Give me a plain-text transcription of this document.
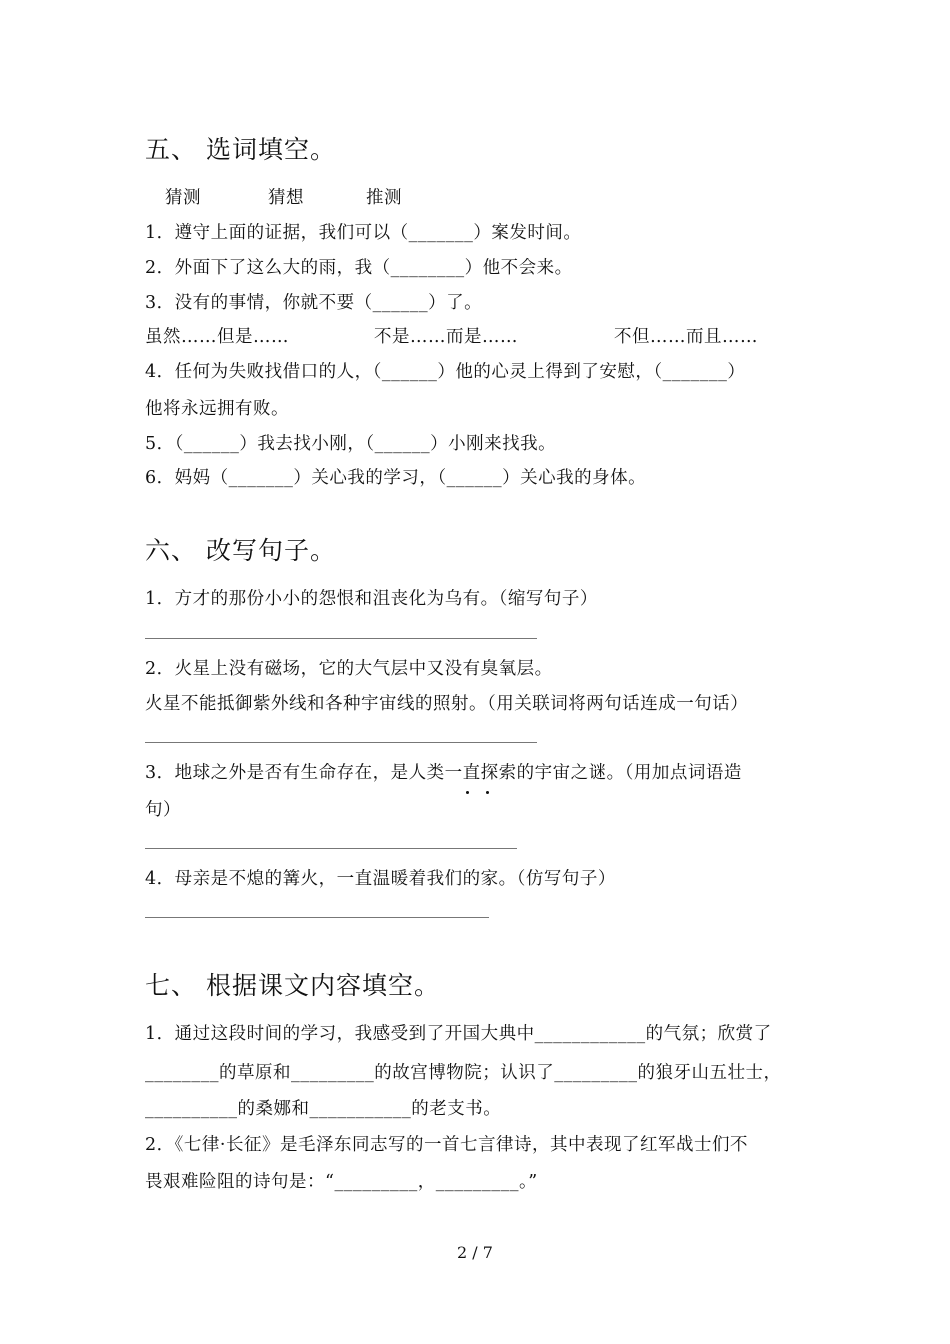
五、 选词填空。
猜测	猜想	推测
1．遵守上面的证据，我们可以（_______）案发时间。
2．外面下了这么大的雨，我（________）他不会来。
3．没有的事情，你就不要（______）了。
虽然……但是……	不是……而是……	不但……而且……
4．任何为失败找借口的人，（______）他的心灵上得到了安慰，（_______）
他将永远拥有败。
5．（______）我去找小刚，（______）小刚来找我。
6．妈妈（_______）关心我的学习，（______）关心我的身体。
六、 改写句子。
1．方才的那份小小的怨恨和沮丧化为乌有。（缩写句子）
2．火星上没有磁场，它的大气层中又没有臭氧层。
火星不能抵御紫外线和各种宇宙线的照射。（用关联词将两句话连成一句话）
3．地球之外是否有生命存在，是人类一直探索的宇宙之谜。（用加点词语造
句）
4．母亲是不熄的篝火，一直温暖着我们的家。（仿写句子）
七、 根据课文内容填空。
1．通过这段时间的学习，我感受到了开国大典中____________的气氛；欣赏了
________的草原和_________的故宫博物院；认识了_________的狼牙山五壮士，
__________的桑娜和___________的老支书。
2．《七律·长征》是毛泽东同志写的一首七言律诗，其中表现了红军战士们不
畏艰难险阻的诗句是：“_________，_________。”
2 / 7
